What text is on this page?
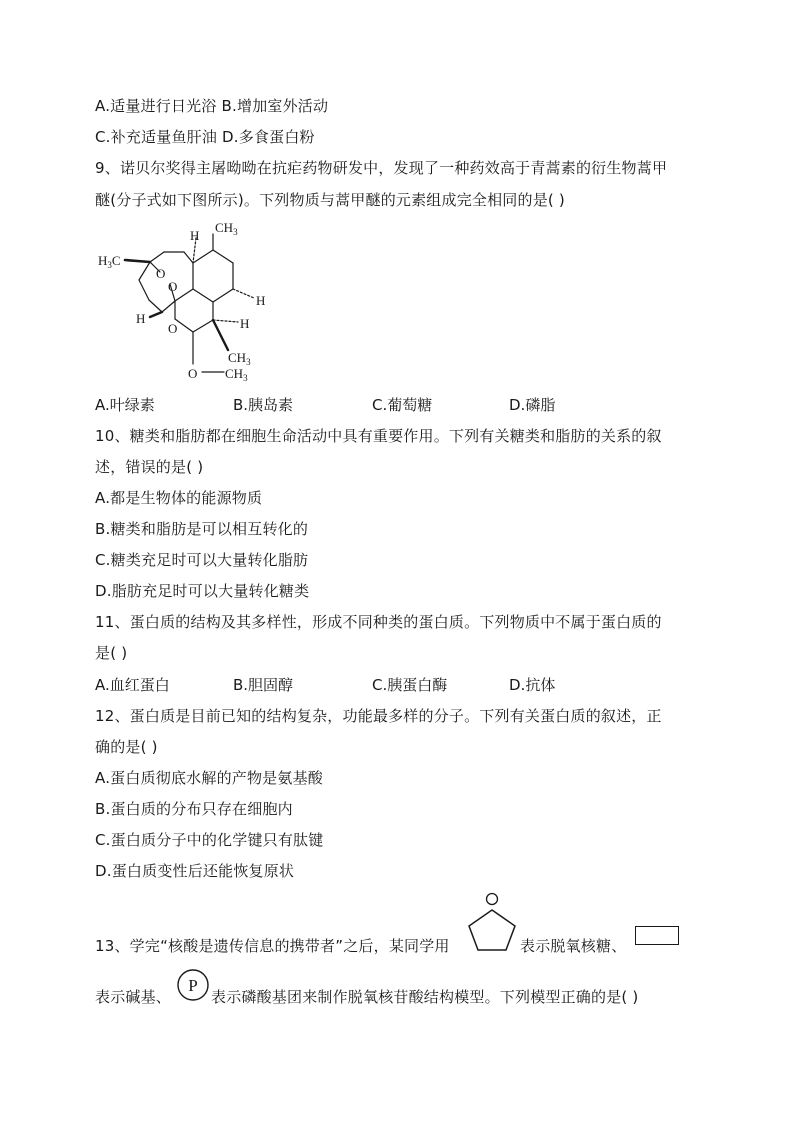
A.适量进行日光浴 B.增加室外活动
C.补充适量鱼肝油 D.多食蛋白粉
9、诺贝尔奖得主屠呦呦在抗疟药物研发中，发现了一种药效高于青蒿素的衍生物蒿甲
醚(分子式如下图所示)。下列物质与蒿甲醚的元素组成完全相同的是( )
$CH_3$
$H_3C$
H
O
O
H
H
O	H
$CH_3$
O $CH_3$
A.叶绿素	B.胰岛素	C.葡萄糖	D.磷脂
10、糖类和脂肪都在细胞生命活动中具有重要作用。下列有关糖类和脂肪的关系的叙
述，错误的是( )
A.都是生物体的能源物质
B.糖类和脂肪是可以相互转化的
C.糖类充足时可以大量转化脂肪
D.脂肪充足时可以大量转化糖类
11、蛋白质的结构及其多样性，形成不同种类的蛋白质。下列物质中不属于蛋白质的
是( )
A.血红蛋白	B.胆固醇	C.胰蛋白酶	D.抗体
12、蛋白质是目前已知的结构复杂，功能最多样的分子。下列有关蛋白质的叙述，正
确的是( )
A.蛋白质彻底水解的产物是氨基酸
B.蛋白质的分布只存在细胞内
C.蛋白质分子中的化学键只有肽键
D.蛋白质变性后还能恢复原状
13、学完“核酸是遗传信息的携带者”之后，某同学用	表示脱氧核糖、
表示碱基、
P
表示磷酸基团来制作脱氧核苷酸结构模型。下列模型正确的是( )
